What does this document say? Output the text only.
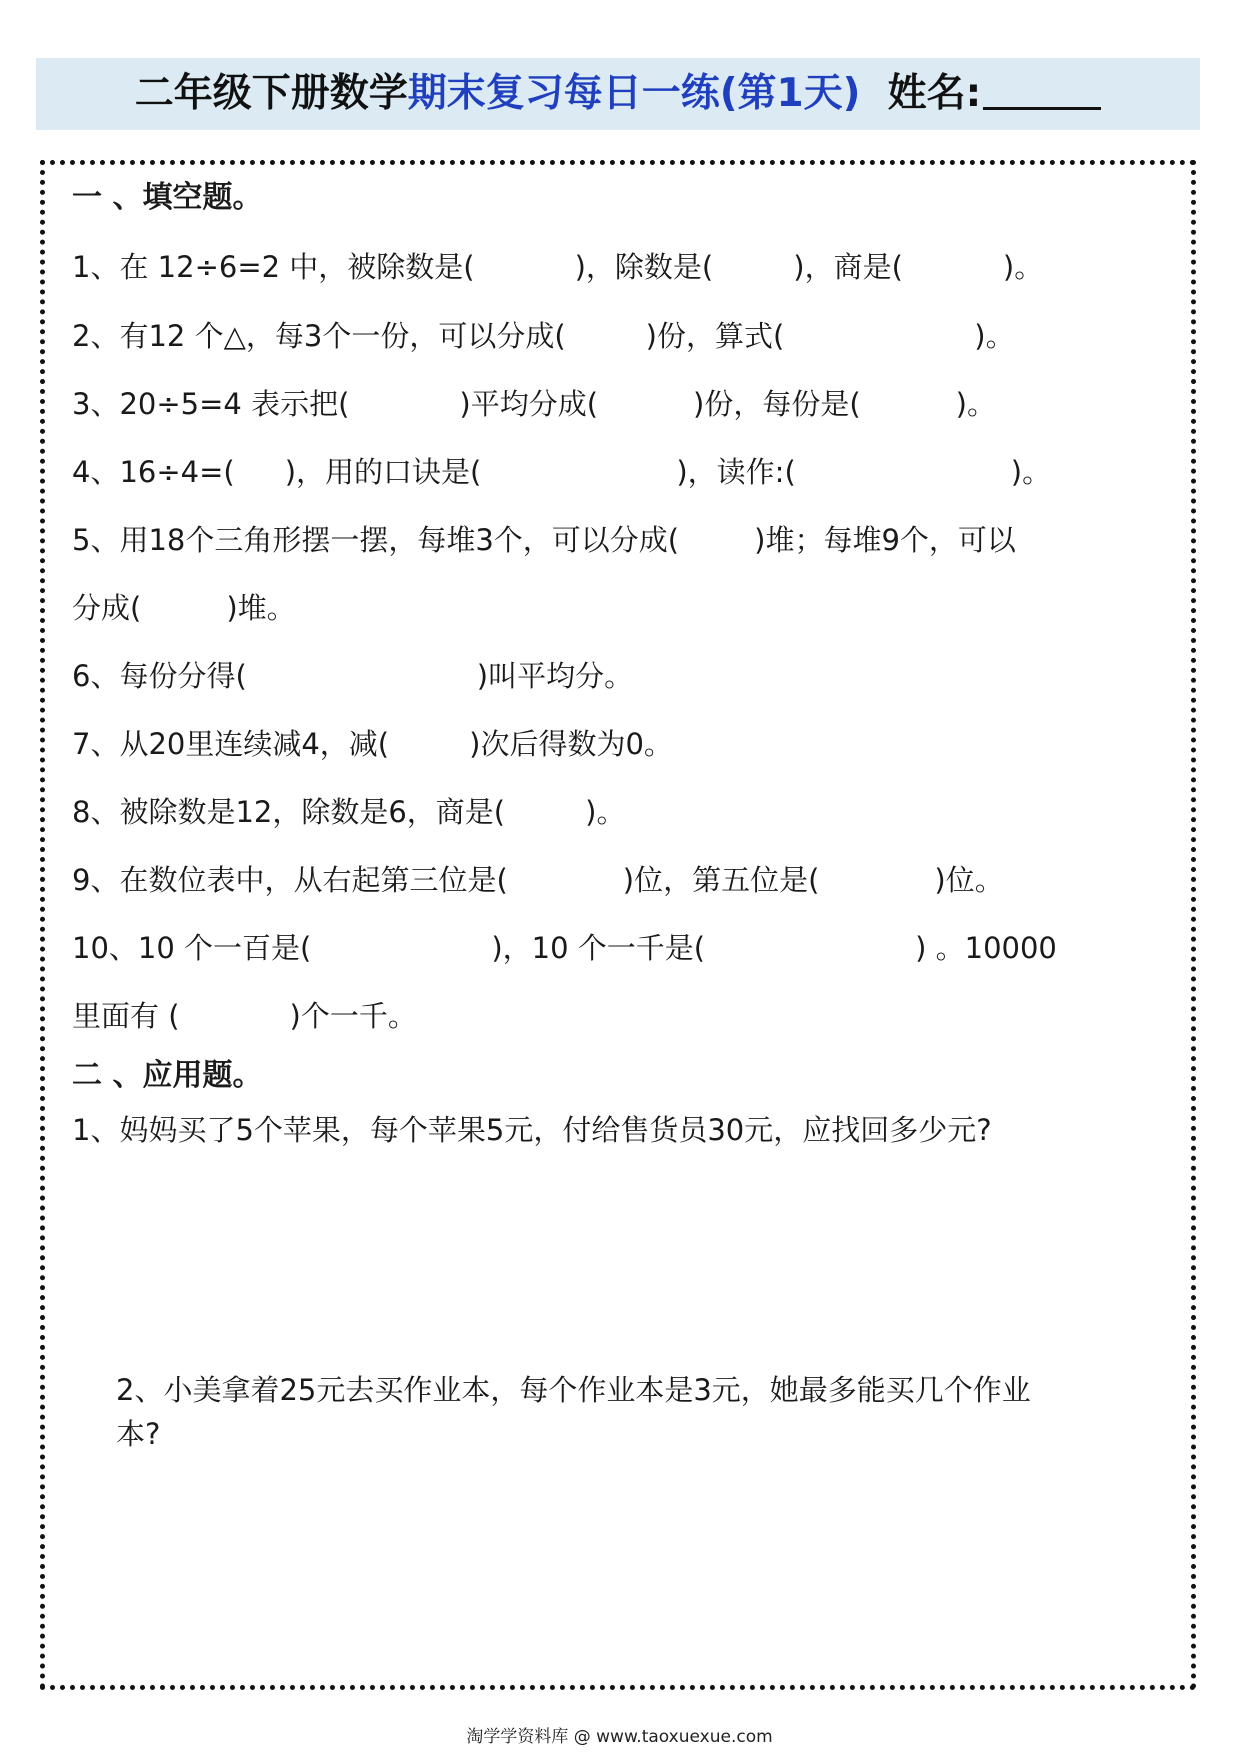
二年级下册数学期末复习每日一练(第1天) 姓名:
一 、填空题。
1、在 12÷6=2 中，被除数是(	)，除数是(	)，商是(	)。
2、有12 个△，每3个一份，可以分成(	)份，算式(	)。
3、20÷5=4 表示把(	)平均分成(	)份，每份是(	)。
4、16÷4=( )，用的口诀是(	)，读作:(	)。
5、用18个三角形摆一摆，每堆3个，可以分成(	)堆；每堆9个，可以
分成(	)堆。
6、每份分得(	)叫平均分。
7、从20里连续减4，减(	)次后得数为0。
8、被除数是12，除数是6，商是(	)。
9、在数位表中，从右起第三位是(	)位，第五位是(	)位。
10、10 个一百是(	)，10 个一千是(	) 。10000
里面有 (	)个一千。
二 、应用题。
1、妈妈买了5个苹果，每个苹果5元，付给售货员30元，应找回多少元?
2、小美拿着25元去买作业本，每个作业本是3元，她最多能买几个作业
本?
淘学学资料库 @ www.taoxuexue.com
